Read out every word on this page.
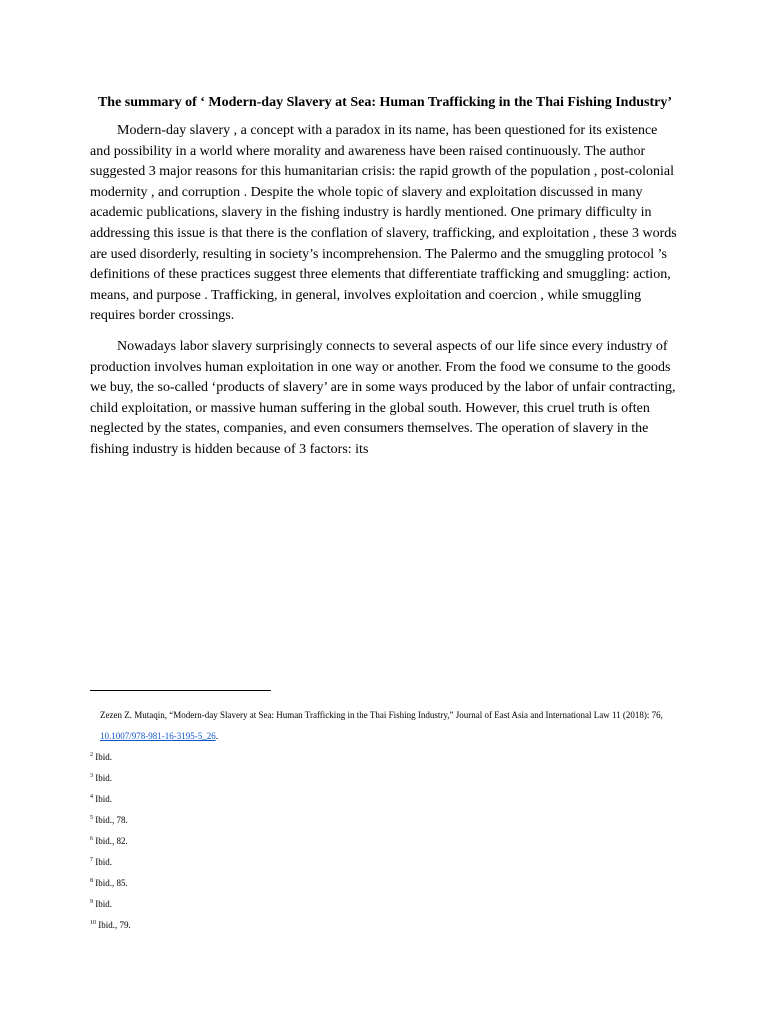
The summary of ‘ Modern-day Slavery at Sea: Human Trafficking in the Thai Fishing Industry’

Modern-day slavery , a concept with a paradox in its name, has been questioned for its existence and possibility in a world where morality and awareness have been raised continuously. The author suggested 3 major reasons for this humanitarian crisis: the rapid growth of the population , post-colonial modernity , and corruption . Despite the whole topic of slavery and exploitation discussed in many academic publications, slavery in the fishing industry is hardly mentioned. One primary difficulty in addressing this issue is that there is the conflation of slavery, trafficking, and exploitation , these 3 words are used disorderly, resulting in society’s incomprehension. The Palermo and the smuggling protocol ’s definitions of these practices suggest three elements that differentiate trafficking and smuggling: action, means, and purpose . Trafficking, in general, involves exploitation and coercion , while smuggling requires border crossings.

Nowadays labor slavery surprisingly connects to several aspects of our life since every industry of production involves human exploitation in one way or another. From the food we consume to the goods we buy, the so-called ‘products of slavery’ are in some ways produced by the labor of unfair contracting, child exploitation, or massive human suffering in the global south. However, this cruel truth is often neglected by the states, companies, and even consumers themselves. The operation of slavery in the fishing industry is hidden because of 3 factors: its

Zezen Z. Mutaqin, “Modern-day Slavery at Sea: Human Trafficking in the Thai Fishing Industry,” Journal of East Asia and International Law 11 (2018): 76, 10.1007/978-981-16-3195-5_26.

$^2$ Ibid.

$^3$ Ibid.

$^4$ Ibid.

$^5$ Ibid., 78.

$^6$ Ibid., 82.

$^7$ Ibid.

$^8$ Ibid., 85.

$^9$ Ibid.

$^{10}$ Ibid., 79.
